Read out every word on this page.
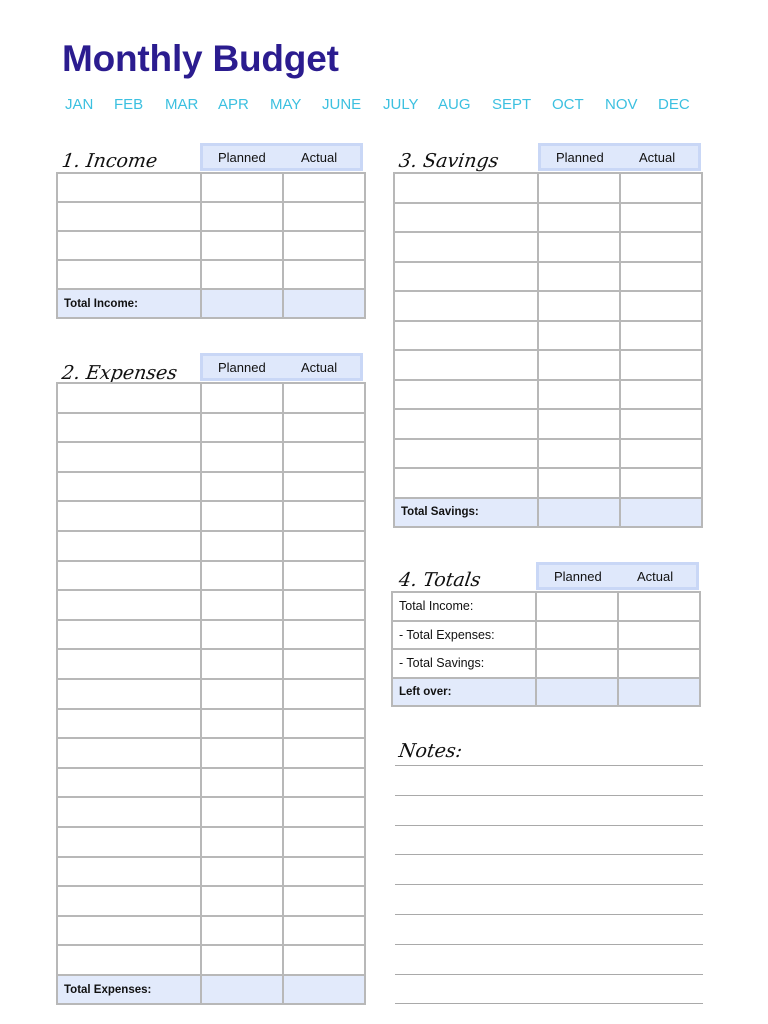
Monthly Budget
JAN FEB MAR APR MAY JUNE JULY AUG SEPT OCT NOV DEC
1. Income	Planned	Actual

Total Income:		
2. Expenses	Planned	Actual

Total Expenses:		
3. Savings	Planned	Actual

Total Savings:		
4. Totals	Planned	Actual
Total Income:		
- Total Expenses:		
- Total Savings:		
Left over:		
Notes:
